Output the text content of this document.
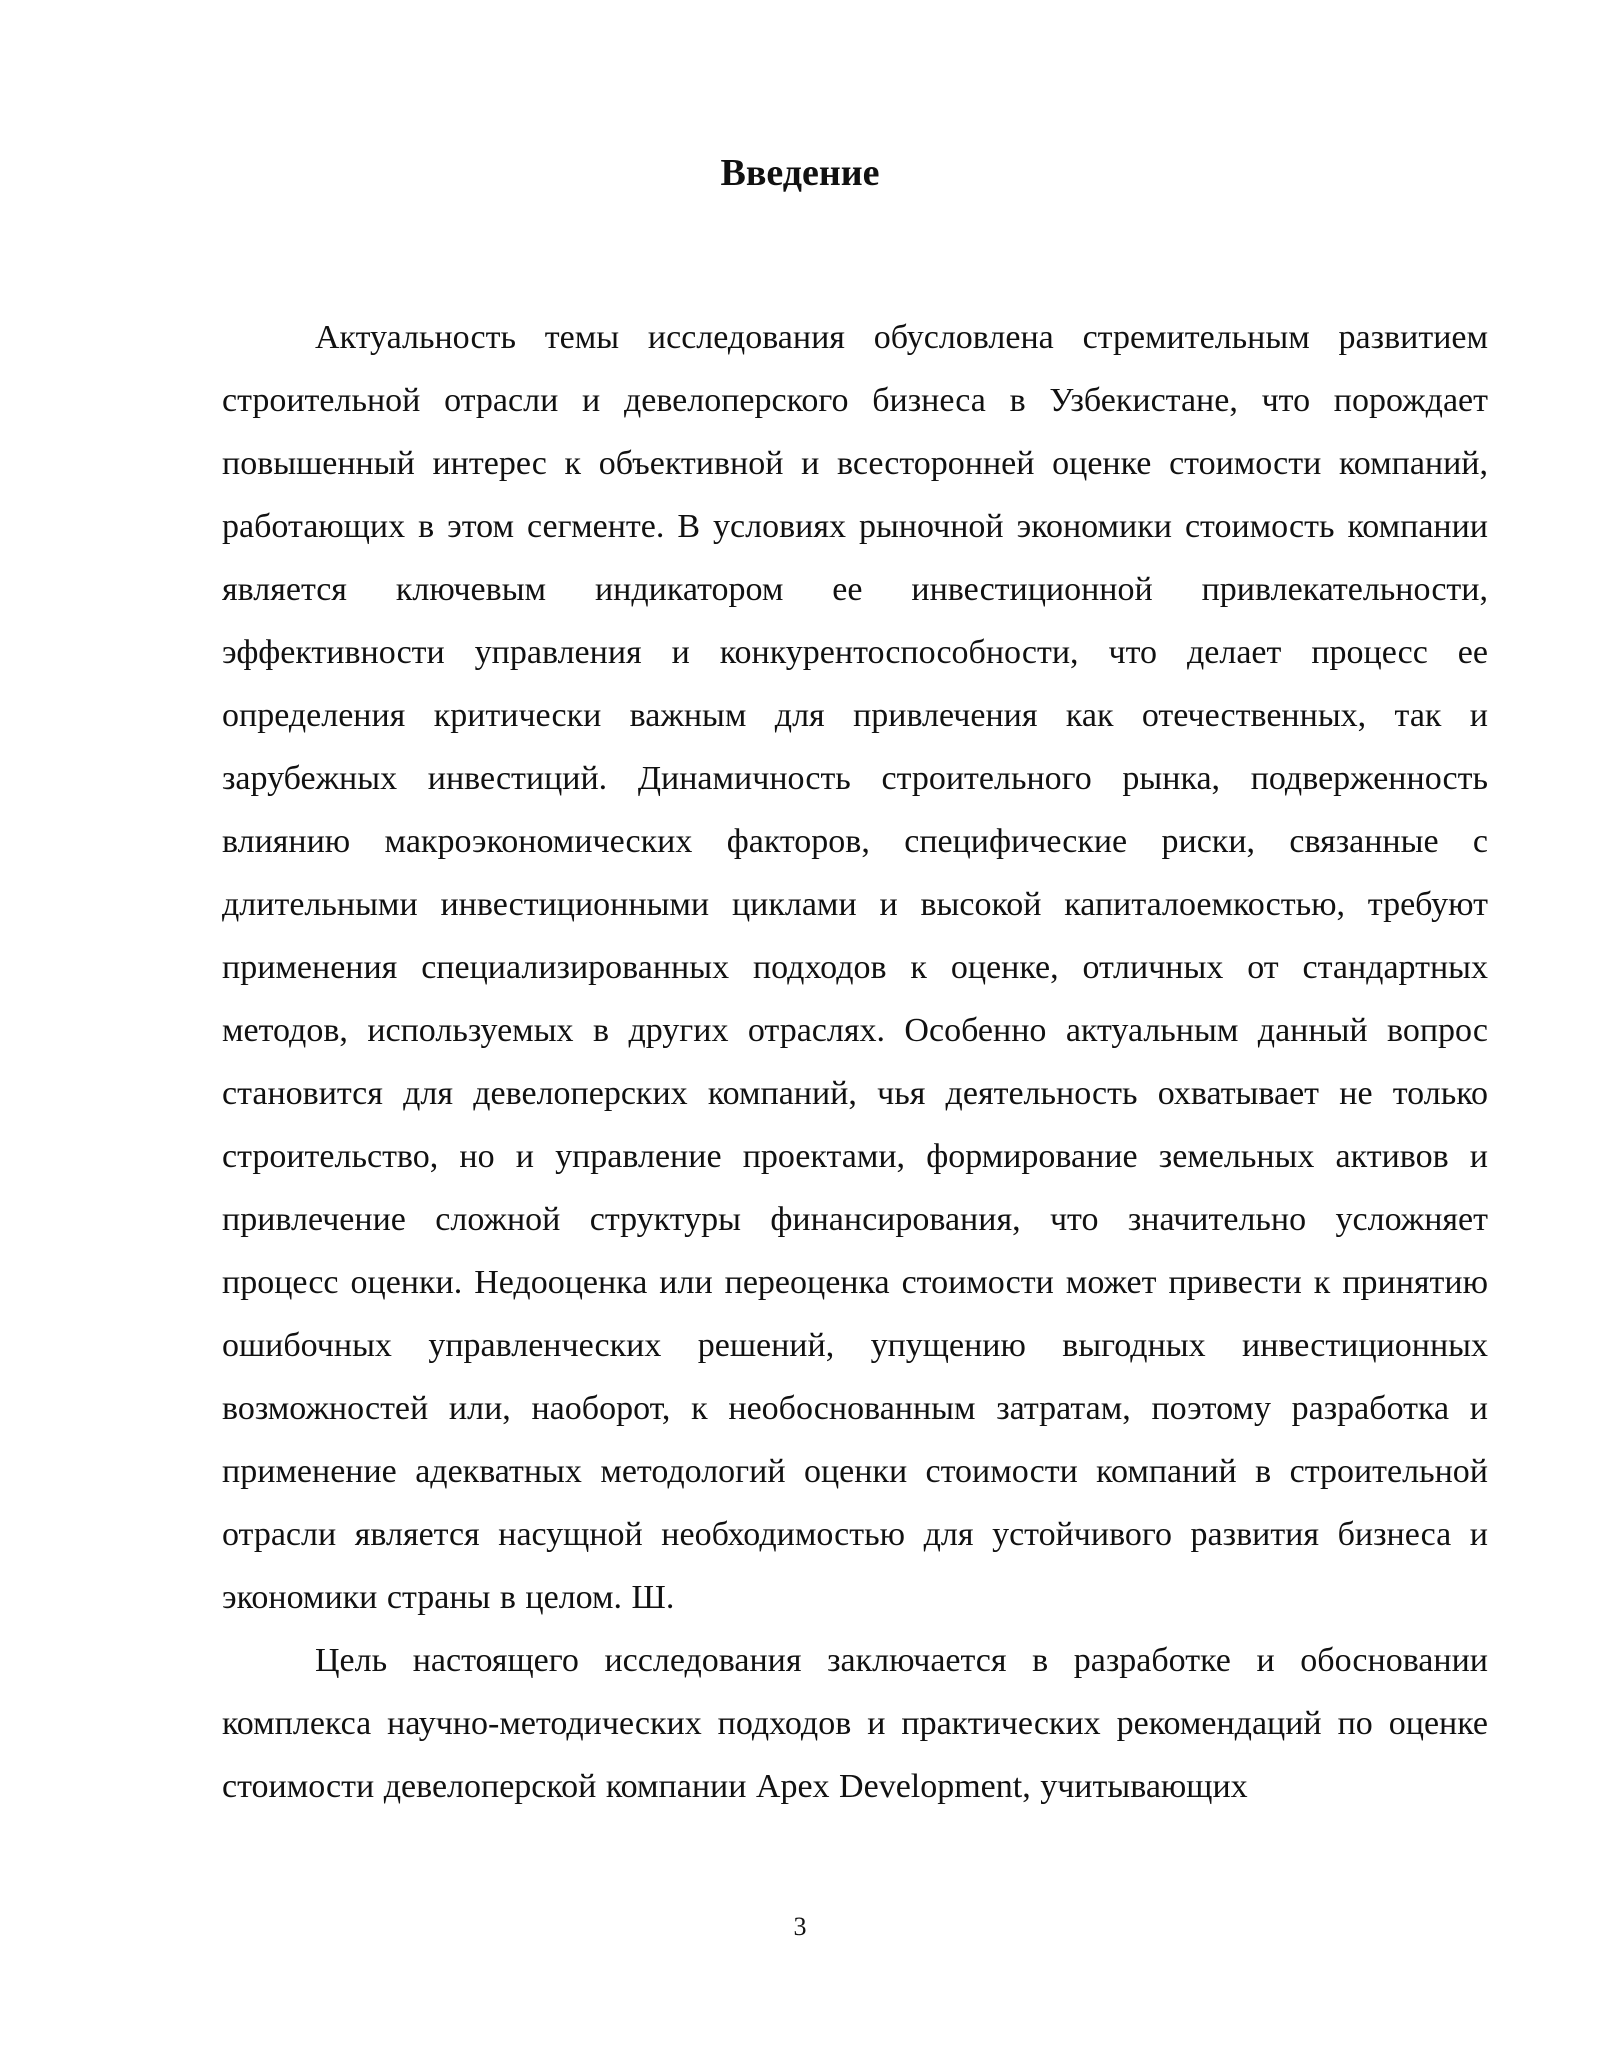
Введение

Актуальность темы исследования обусловлена стремительным развитием строительной отрасли и девелоперского бизнеса в Узбекистане, что порождает повышенный интерес к объективной и всесторонней оценке стоимости компаний, работающих в этом сегменте. В условиях рыночной экономики стоимость компании является ключевым индикатором ее инвестиционной привлекательности, эффективности управления и конкурентоспособности, что делает процесс ее определения критически важным для привлечения как отечественных, так и зарубежных инвестиций. Динамичность строительного рынка, подверженность влиянию макроэкономических факторов, специфические риски, связанные с длительными инвестиционными циклами и высокой капиталоемкостью, требуют применения специализированных подходов к оценке, отличных от стандартных методов, используемых в других отраслях. Особенно актуальным данный вопрос становится для девелоперских компаний, чья деятельность охватывает не только строительство, но и управление проектами, формирование земельных активов и привлечение сложной структуры финансирования, что значительно усложняет процесс оценки. Недооценка или переоценка стоимости может привести к принятию ошибочных управленческих решений, упущению выгодных инвестиционных возможностей или, наоборот, к необоснованным затратам, поэтому разработка и применение адекватных методологий оценки стоимости компаний в строительной отрасли является насущной необходимостью для устойчивого развития бизнеса и экономики страны в целом. Ш.

Цель настоящего исследования заключается в разработке и обосновании комплекса научно-методических подходов и практических рекомендаций по оценке стоимости девелоперской компании Apex Development, учитывающих

3
